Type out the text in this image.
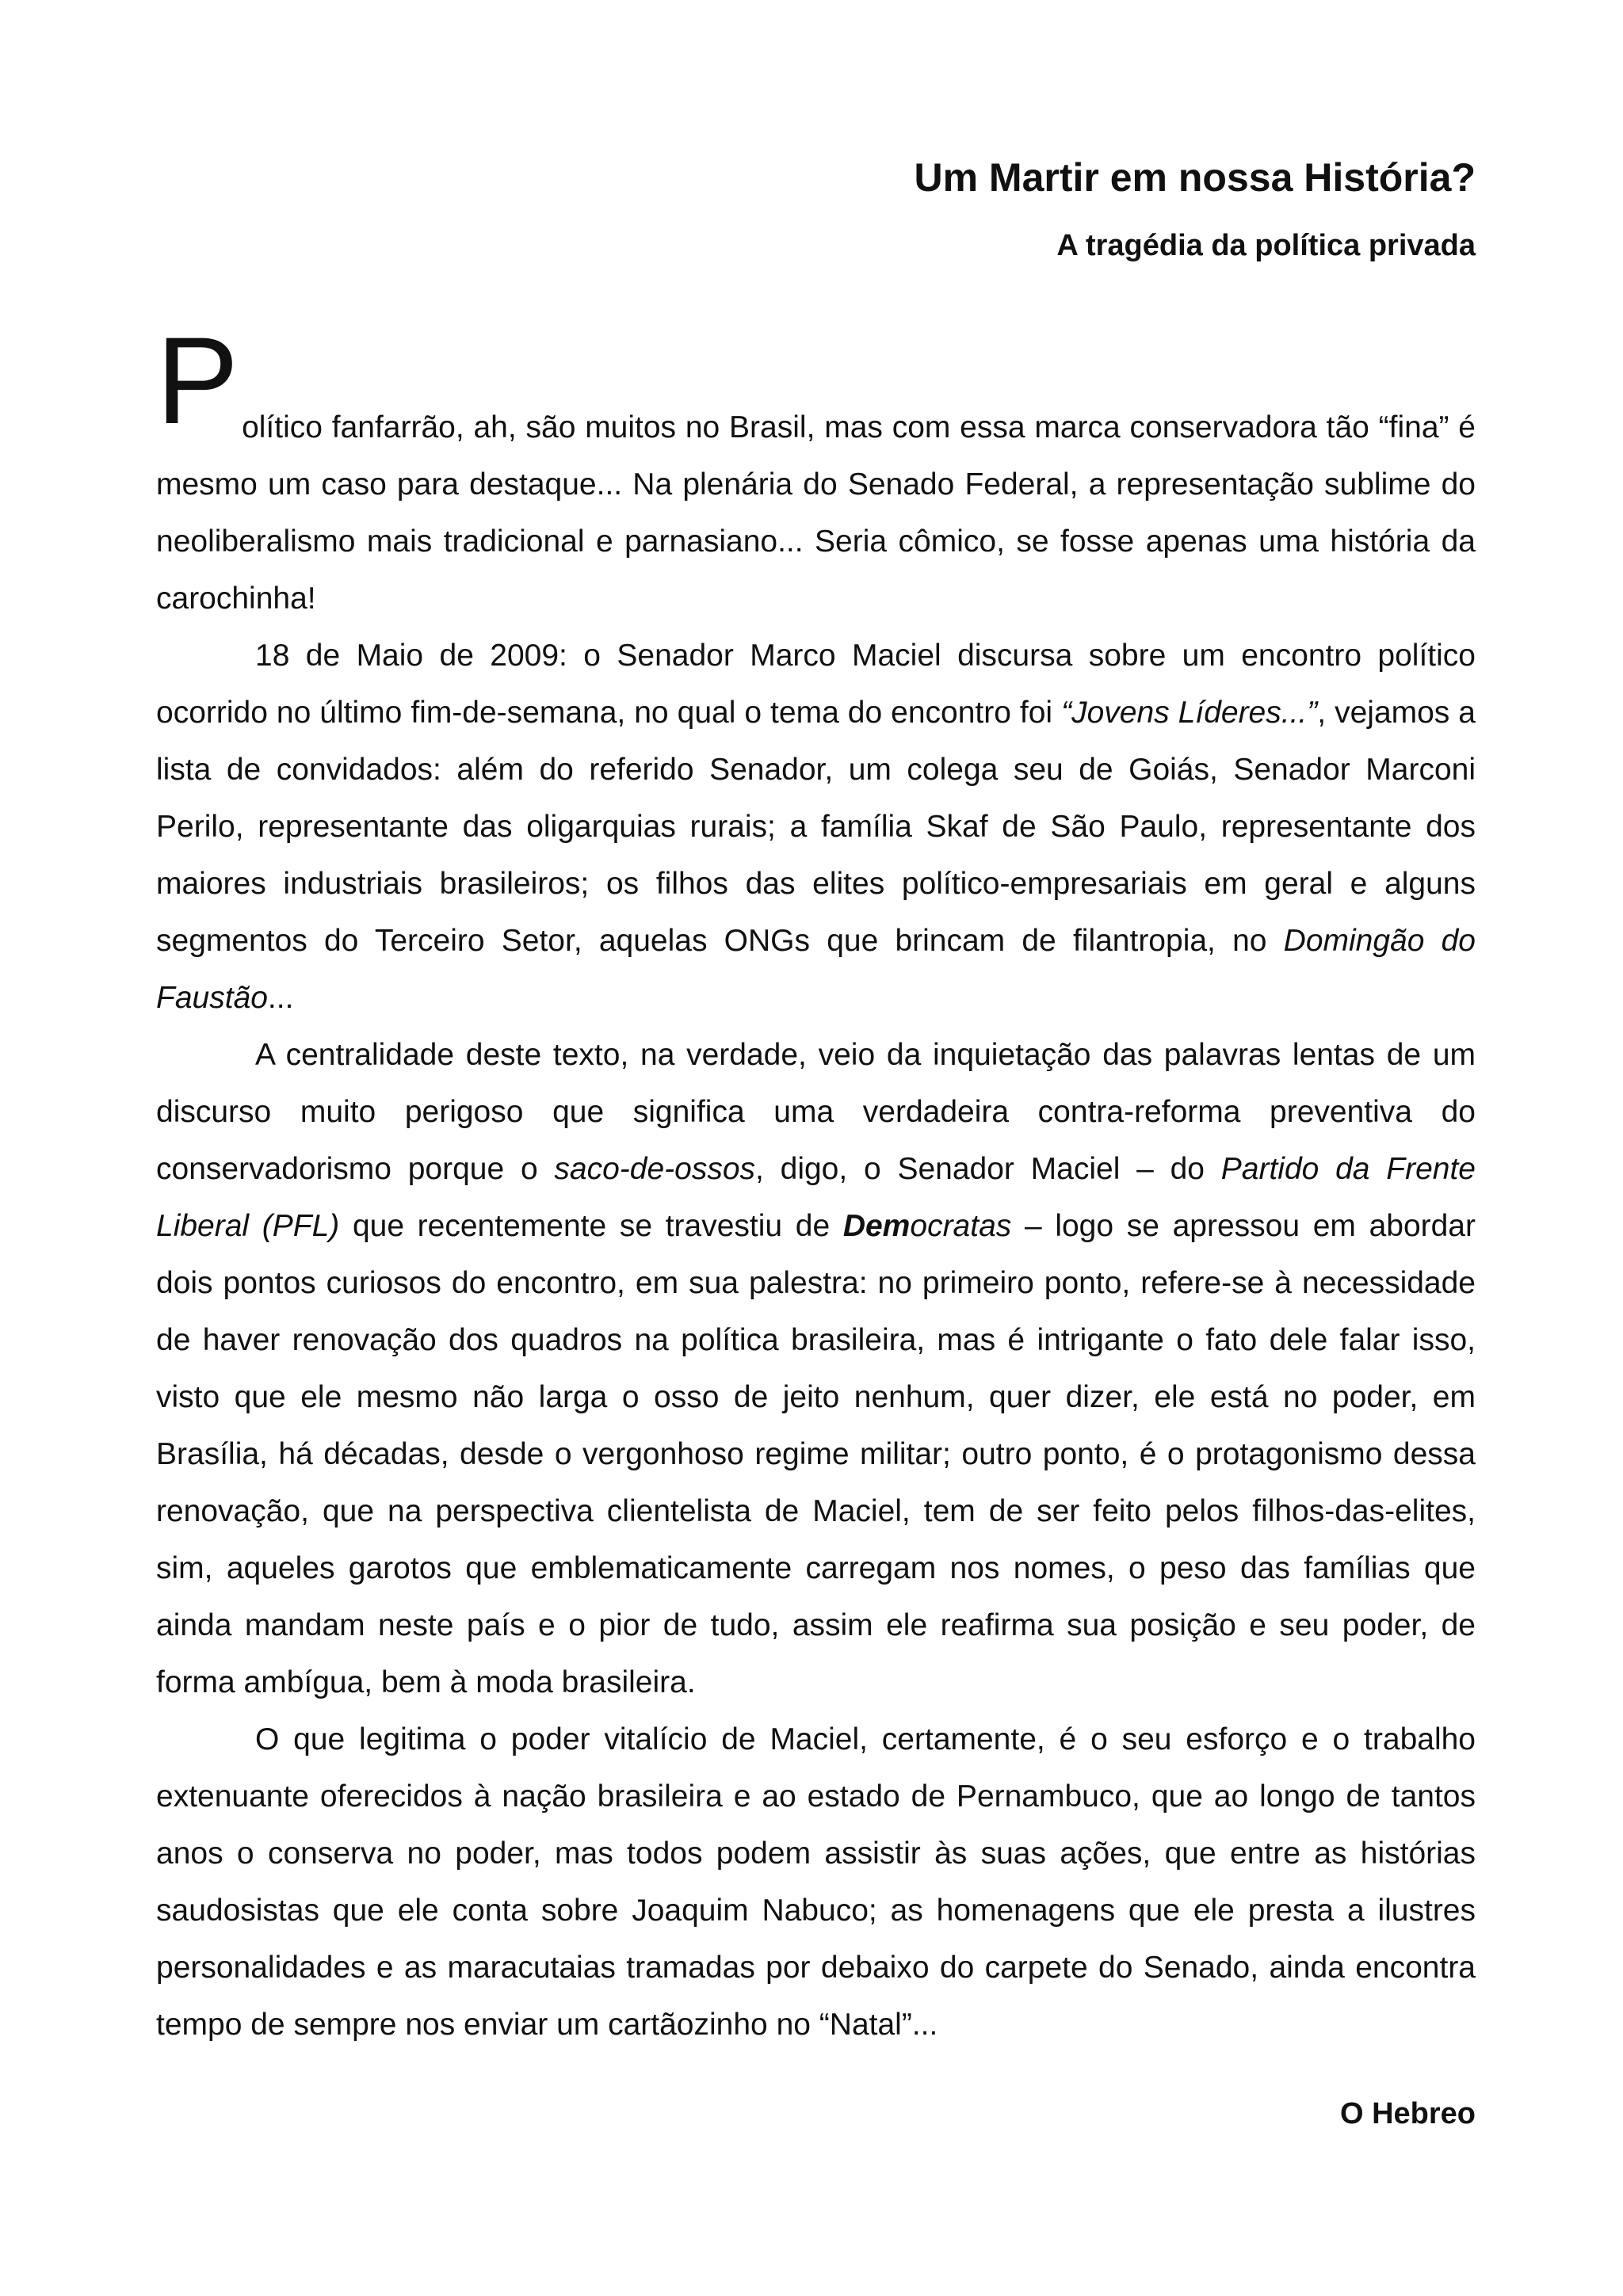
Um Martir em nossa História?
A tragédia da política privada

Político fanfarrão, ah, são muitos no Brasil, mas com essa marca conservadora tão “fina” é mesmo um caso para destaque... Na plenária do Senado Federal, a representação sublime do neoliberalismo mais tradicional e parnasiano... Seria cômico, se fosse apenas uma história da carochinha!

18 de Maio de 2009: o Senador Marco Maciel discursa sobre um encontro político ocorrido no último fim-de-semana, no qual o tema do encontro foi “Jovens Líderes...”, vejamos a lista de convidados: além do referido Senador, um colega seu de Goiás, Senador Marconi Perilo, representante das oligarquias rurais; a família Skaf de São Paulo, representante dos maiores industriais brasileiros; os filhos das elites político-empresariais em geral e alguns segmentos do Terceiro Setor, aquelas ONGs que brincam de filantropia, no Domingão do Faustão...

A centralidade deste texto, na verdade, veio da inquietação das palavras lentas de um discurso muito perigoso que significa uma verdadeira contra-reforma preventiva do conservadorismo porque o saco-de-ossos, digo, o Senador Maciel – do Partido da Frente Liberal (PFL) que recentemente se travestiu de Democratas – logo se apressou em abordar dois pontos curiosos do encontro, em sua palestra: no primeiro ponto, refere-se à necessidade de haver renovação dos quadros na política brasileira, mas é intrigante o fato dele falar isso, visto que ele mesmo não larga o osso de jeito nenhum, quer dizer, ele está no poder, em Brasília, há décadas, desde o vergonhoso regime militar; outro ponto, é o protagonismo dessa renovação, que na perspectiva clientelista de Maciel, tem de ser feito pelos filhos-das-elites, sim, aqueles garotos que emblematicamente carregam nos nomes, o peso das famílias que ainda mandam neste país e o pior de tudo, assim ele reafirma sua posição e seu poder, de forma ambígua, bem à moda brasileira.

O que legitima o poder vitalício de Maciel, certamente, é o seu esforço e o trabalho extenuante oferecidos à nação brasileira e ao estado de Pernambuco, que ao longo de tantos anos o conserva no poder, mas todos podem assistir às suas ações, que entre as histórias saudosistas que ele conta sobre Joaquim Nabuco; as homenagens que ele presta a ilustres personalidades e as maracutaias tramadas por debaixo do carpete do Senado, ainda encontra tempo de sempre nos enviar um cartãozinho no “Natal”...

O Hebreo
